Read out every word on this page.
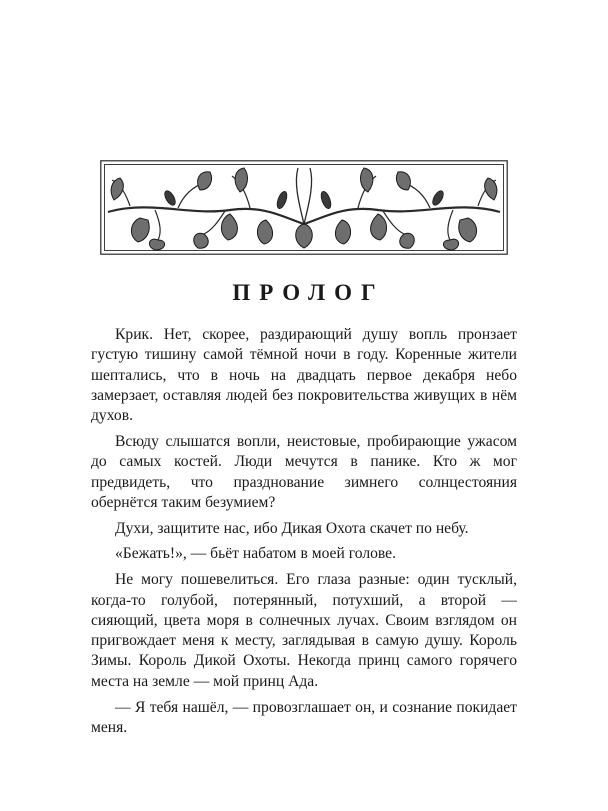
ПРОЛОГ

Крик. Нет, скорее, раздирающий душу вопль пронзает густую тишину самой тёмной ночи в году. Коренные жители шептались, что в ночь на двадцать первое декабря небо замерзает, оставляя людей без покровительства живущих в нём духов.

Всюду слышатся вопли, неистовые, пробирающие ужасом до самых костей. Люди мечутся в панике. Кто ж мог предвидеть, что празднование зимнего солнцестояния обернётся таким безумием?

Духи, защитите нас, ибо Дикая Охота скачет по небу.

«Бежать!», — бьёт набатом в моей голове.

Не могу пошевелиться. Его глаза разные: один тусклый, когда-то голубой, потерянный, потухший, а второй — сияющий, цвета моря в солнечных лучах. Своим взглядом он пригвождает меня к месту, заглядывая в самую душу. Король Зимы. Король Дикой Охоты. Некогда принц самого горячего места на земле — мой принц Ада.

— Я тебя нашёл, — провозглашает он, и сознание покидает меня.
